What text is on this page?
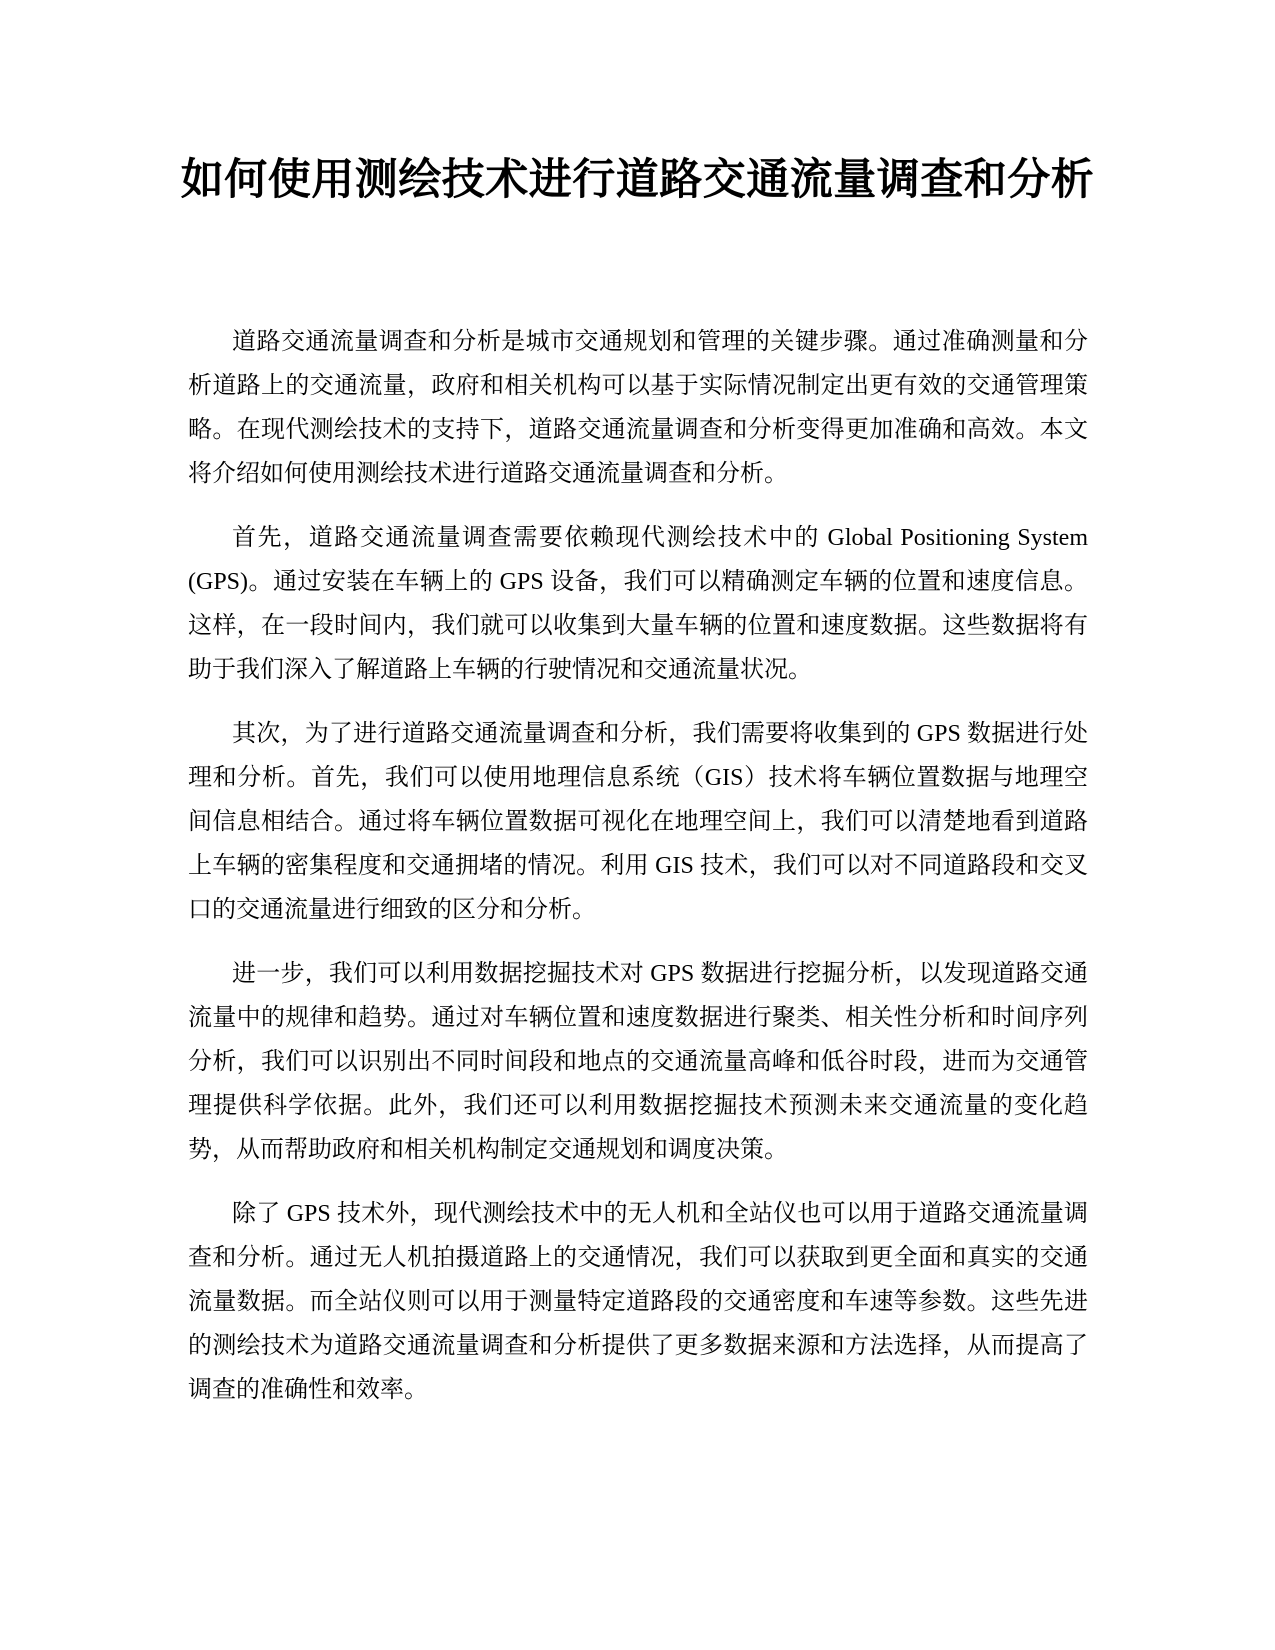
如何使用测绘技术进行道路交通流量调查和分析

道路交通流量调查和分析是城市交通规划和管理的关键步骤。通过准确测量和分析道路上的交通流量，政府和相关机构可以基于实际情况制定出更有效的交通管理策略。在现代测绘技术的支持下，道路交通流量调查和分析变得更加准确和高效。本文将介绍如何使用测绘技术进行道路交通流量调查和分析。

首先，道路交通流量调查需要依赖现代测绘技术中的 Global Positioning System (GPS)。通过安装在车辆上的 GPS 设备，我们可以精确测定车辆的位置和速度信息。这样，在一段时间内，我们就可以收集到大量车辆的位置和速度数据。这些数据将有助于我们深入了解道路上车辆的行驶情况和交通流量状况。

其次，为了进行道路交通流量调查和分析，我们需要将收集到的 GPS 数据进行处理和分析。首先，我们可以使用地理信息系统（GIS）技术将车辆位置数据与地理空间信息相结合。通过将车辆位置数据可视化在地理空间上，我们可以清楚地看到道路上车辆的密集程度和交通拥堵的情况。利用 GIS 技术，我们可以对不同道路段和交叉口的交通流量进行细致的区分和分析。

进一步，我们可以利用数据挖掘技术对 GPS 数据进行挖掘分析，以发现道路交通流量中的规律和趋势。通过对车辆位置和速度数据进行聚类、相关性分析和时间序列分析，我们可以识别出不同时间段和地点的交通流量高峰和低谷时段，进而为交通管理提供科学依据。此外，我们还可以利用数据挖掘技术预测未来交通流量的变化趋势，从而帮助政府和相关机构制定交通规划和调度决策。

除了 GPS 技术外，现代测绘技术中的无人机和全站仪也可以用于道路交通流量调查和分析。通过无人机拍摄道路上的交通情况，我们可以获取到更全面和真实的交通流量数据。而全站仪则可以用于测量特定道路段的交通密度和车速等参数。这些先进的测绘技术为道路交通流量调查和分析提供了更多数据来源和方法选择，从而提高了调查的准确性和效率。
